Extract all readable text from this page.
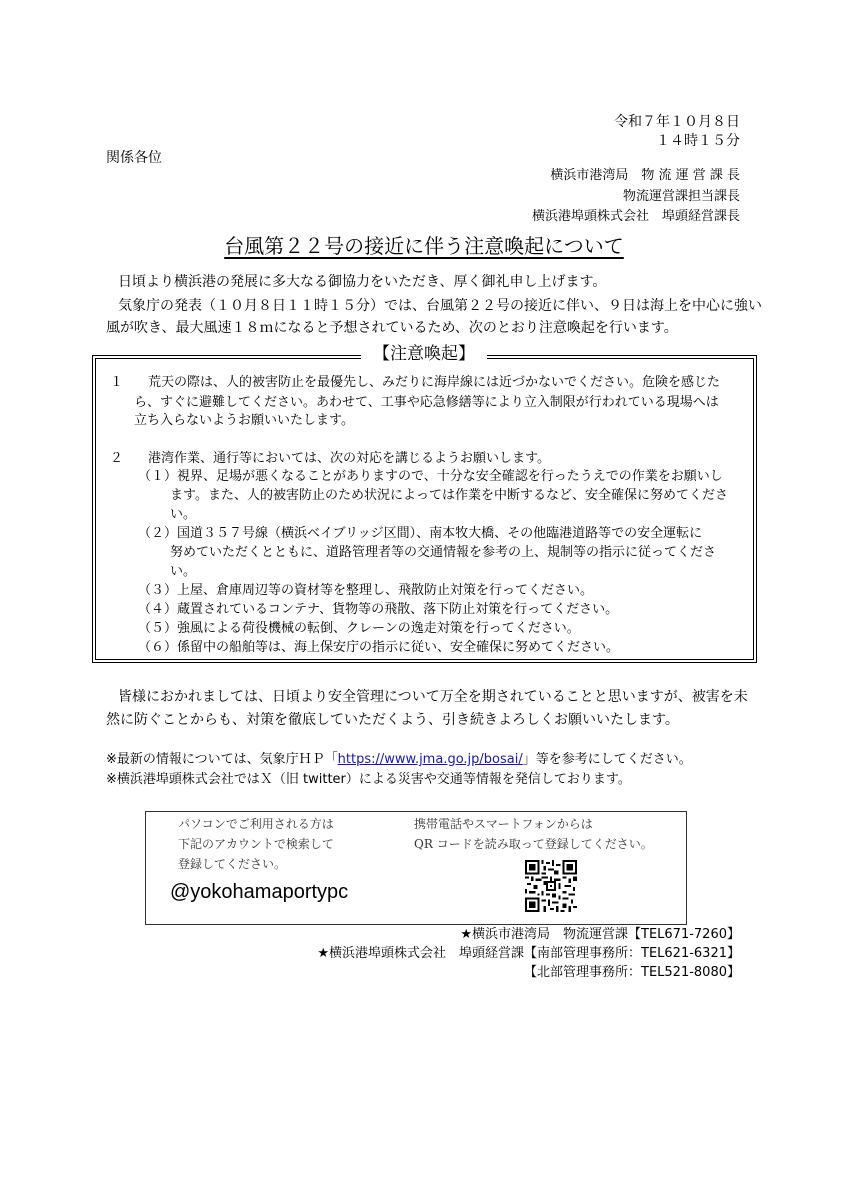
令和７年１０月８日
１４時１５分
関係各位
横浜市港湾局　物 流 運 営 課 長
物流運営課担当課長
横浜港埠頭株式会社　埠頭経営課長
台風第２２号の接近に伴う注意喚起について
日頃より横浜港の発展に多大なる御協力をいただき、厚く御礼申し上げます。
気象庁の発表（１０月８日１１時１５分）では、台風第２２号の接近に伴い、９日は海上を中心に強い
風が吹き、最大風速１８ｍになると予想されているため、次のとおり注意喚起を行います。
【注意喚起】
１ 荒天の際は、人的被害防止を最優先し、みだりに海岸線には近づかないでください。危険を感じた
ら、すぐに避難してください。あわせて、工事や応急修繕等により立入制限が行われている現場へは
立ち入らないようお願いいたします。
２ 港湾作業、通行等においては、次の対応を講じるようお願いします。
（１）視界、足場が悪くなることがありますので、十分な安全確認を行ったうえでの作業をお願いし
ます。また、人的被害防止のため状況によっては作業を中断するなど、安全確保に努めてくださ
い。
（２）国道３５７号線（横浜ベイブリッジ区間）、南本牧大橋、その他臨港道路等での安全運転に
努めていただくとともに、道路管理者等の交通情報を参考の上、規制等の指示に従ってくださ
い。
（３）上屋、倉庫周辺等の資材等を整理し、飛散防止対策を行ってください。
（４）蔵置されているコンテナ、貨物等の飛散、落下防止対策を行ってください。
（５）強風による荷役機械の転倒、クレーンの逸走対策を行ってください。
（６）係留中の船舶等は、海上保安庁の指示に従い、安全確保に努めてください。
皆様におかれましては、日頃より安全管理について万全を期されていることと思いますが、被害を未
然に防ぐことからも、対策を徹底していただくよう、引き続きよろしくお願いいたします。
※最新の情報については、気象庁ＨＰ「https://www.jma.go.jp/bosai/」等を参考にしてください。
※横浜港埠頭株式会社ではＸ（旧 twitter）による災害や交通等情報を発信しております。
パソコンでご利用される方は
下記のアカウントで検索して
登録してください。
@yokohamaportypc
携帯電話やスマートフォンからは
QR コードを読み取って登録してください。
★横浜市港湾局　物流運営課【TEL671-7260】
★横浜港埠頭株式会社　埠頭経営課【南部管理事務所：TEL621-6321】
【北部管理事務所：TEL521-8080】
